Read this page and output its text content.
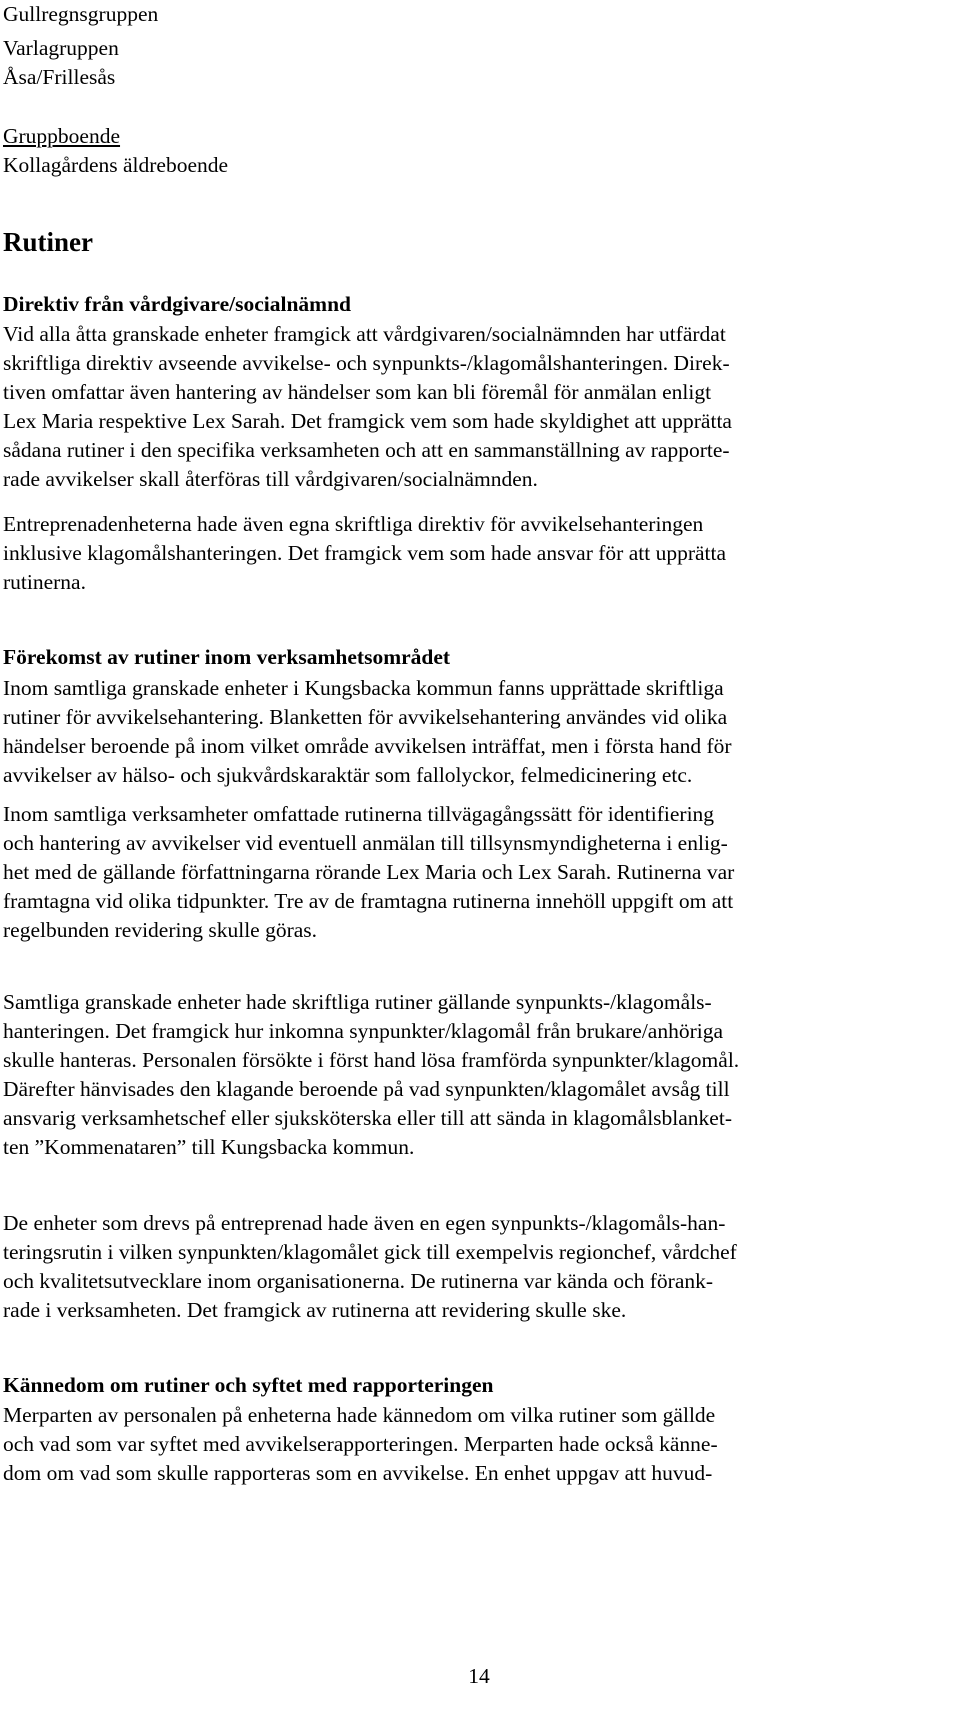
Gullregnsgruppen
Varlagruppen
Åsa/Frillesås
Gruppboende
Kollagårdens äldreboende
Rutiner
Direktiv från vårdgivare/socialnämnd
Vid alla åtta granskade enheter framgick att vårdgivaren/socialnämnden har utfärdat
skriftliga direktiv avseende avvikelse- och synpunkts-/klagomålshanteringen. Direk-
tiven omfattar även hantering av händelser som kan bli föremål för anmälan enligt
Lex Maria respektive Lex Sarah. Det framgick vem som hade skyldighet att upprätta
sådana rutiner i den specifika verksamheten och att en sammanställning av rapporte-
rade avvikelser skall återföras till vårdgivaren/socialnämnden.
Entreprenadenheterna hade även egna skriftliga direktiv för avvikelsehanteringen
inklusive klagomålshanteringen. Det framgick vem som hade ansvar för att upprätta
rutinerna.
Förekomst av rutiner inom verksamhetsområdet
Inom samtliga granskade enheter i Kungsbacka kommun fanns upprättade skriftliga
rutiner för avvikelsehantering. Blanketten för avvikelsehantering användes vid olika
händelser beroende på inom vilket område avvikelsen inträffat, men i första hand för
avvikelser av hälso- och sjukvårdskaraktär som fallolyckor, felmedicinering etc.
Inom samtliga verksamheter omfattade rutinerna tillvägagångssätt för identifiering
och hantering av avvikelser vid eventuell anmälan till tillsynsmyndigheterna i enlig-
het med de gällande författningarna rörande Lex Maria och Lex Sarah. Rutinerna var
framtagna vid olika tidpunkter. Tre av de framtagna rutinerna innehöll uppgift om att
regelbunden revidering skulle göras.
Samtliga granskade enheter hade skriftliga rutiner gällande synpunkts-/klagomåls-
hanteringen. Det framgick hur inkomna synpunkter/klagomål från brukare/anhöriga
skulle hanteras. Personalen försökte i först hand lösa framförda synpunkter/klagomål.
Därefter hänvisades den klagande beroende på vad synpunkten/klagomålet avsåg till
ansvarig verksamhetschef eller sjuksköterska eller till att sända in klagomålsblanket-
ten ”Kommenataren” till Kungsbacka kommun.
De enheter som drevs på entreprenad hade även en egen synpunkts-/klagomåls-han-
teringsrutin i vilken synpunkten/klagomålet gick till exempelvis regionchef, vårdchef
och kvalitetsutvecklare inom organisationerna. De rutinerna var kända och förank-
rade i verksamheten. Det framgick av rutinerna att revidering skulle ske.
Kännedom om rutiner och syftet med rapporteringen
Merparten av personalen på enheterna hade kännedom om vilka rutiner som gällde
och vad som var syftet med avvikelserapporteringen. Merparten hade också känne-
dom om vad som skulle rapporteras som en avvikelse. En enhet uppgav att huvud-
14
